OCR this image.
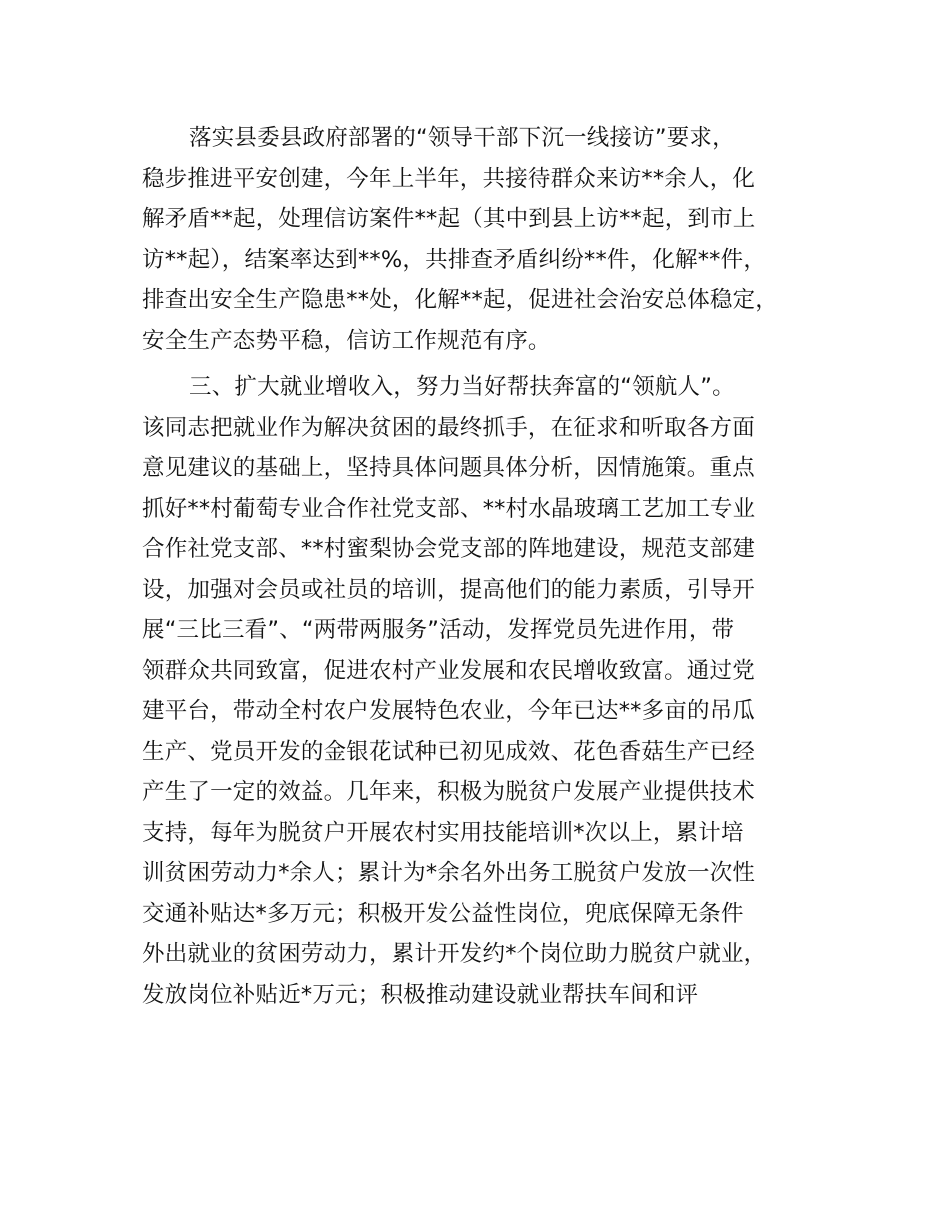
落实县委县政府部署的“领导干部下沉一线接访”要求，
稳步推进平安创建，今年上半年，共接待群众来访**余人，化
解矛盾**起，处理信访案件**起（其中到县上访**起，到市上
访**起），结案率达到**%，共排查矛盾纠纷**件，化解**件，
排查出安全生产隐患**处，化解**起，促进社会治安总体稳定，
安全生产态势平稳，信访工作规范有序。
三、扩大就业增收入，努力当好帮扶奔富的“领航人”。
该同志把就业作为解决贫困的最终抓手，在征求和听取各方面
意见建议的基础上，坚持具体问题具体分析，因情施策。重点
抓好**村葡萄专业合作社党支部、**村水晶玻璃工艺加工专业
合作社党支部、**村蜜梨协会党支部的阵地建设，规范支部建
设，加强对会员或社员的培训，提高他们的能力素质，引导开
展“三比三看”、“两带两服务”活动，发挥党员先进作用，带
领群众共同致富，促进农村产业发展和农民增收致富。通过党
建平台，带动全村农户发展特色农业，今年已达**多亩的吊瓜
生产、党员开发的金银花试种已初见成效、花色香菇生产已经
产生了一定的效益。几年来，积极为脱贫户发展产业提供技术
支持，每年为脱贫户开展农村实用技能培训*次以上，累计培
训贫困劳动力*余人；累计为*余名外出务工脱贫户发放一次性
交通补贴达*多万元；积极开发公益性岗位，兜底保障无条件
外出就业的贫困劳动力，累计开发约*个岗位助力脱贫户就业，
发放岗位补贴近*万元；积极推动建设就业帮扶车间和评
